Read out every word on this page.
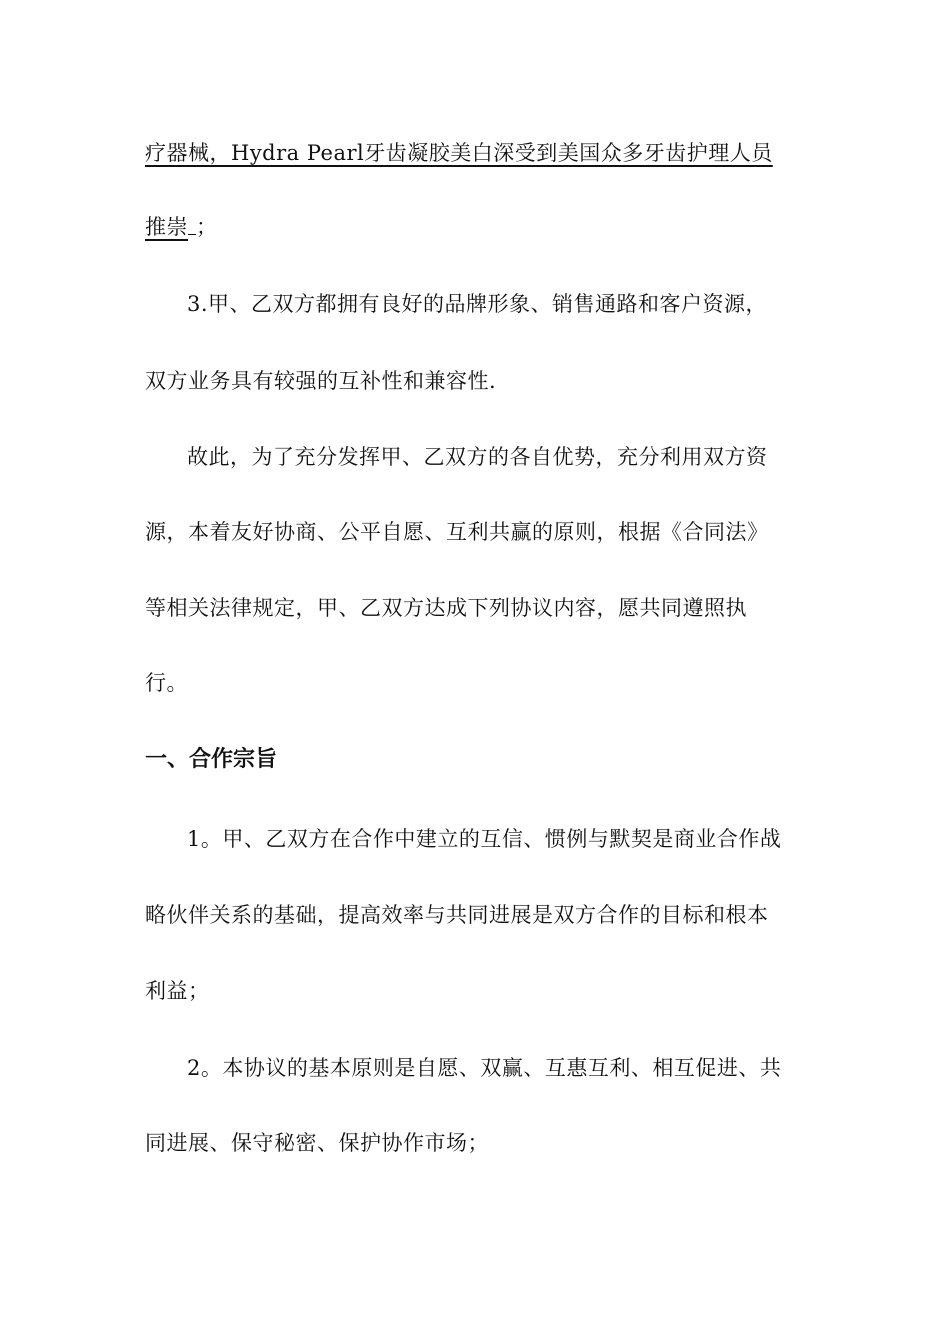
疗器械，Hydra Pearl牙齿凝胶美白深受到美国众多牙齿护理人员
推崇 ；
3.甲、乙双方都拥有良好的品牌形象、销售通路和客户资源，
双方业务具有较强的互补性和兼容性.
故此，为了充分发挥甲、乙双方的各自优势，充分利用双方资
源，本着友好协商、公平自愿、互利共赢的原则，根据《合同法》
等相关法律规定，甲、乙双方达成下列协议内容，愿共同遵照执
行。
一、合作宗旨
1。甲、乙双方在合作中建立的互信、惯例与默契是商业合作战
略伙伴关系的基础，提高效率与共同进展是双方合作的目标和根本
利益；
2。本协议的基本原则是自愿、双赢、互惠互利、相互促进、共
同进展、保守秘密、保护协作市场；
